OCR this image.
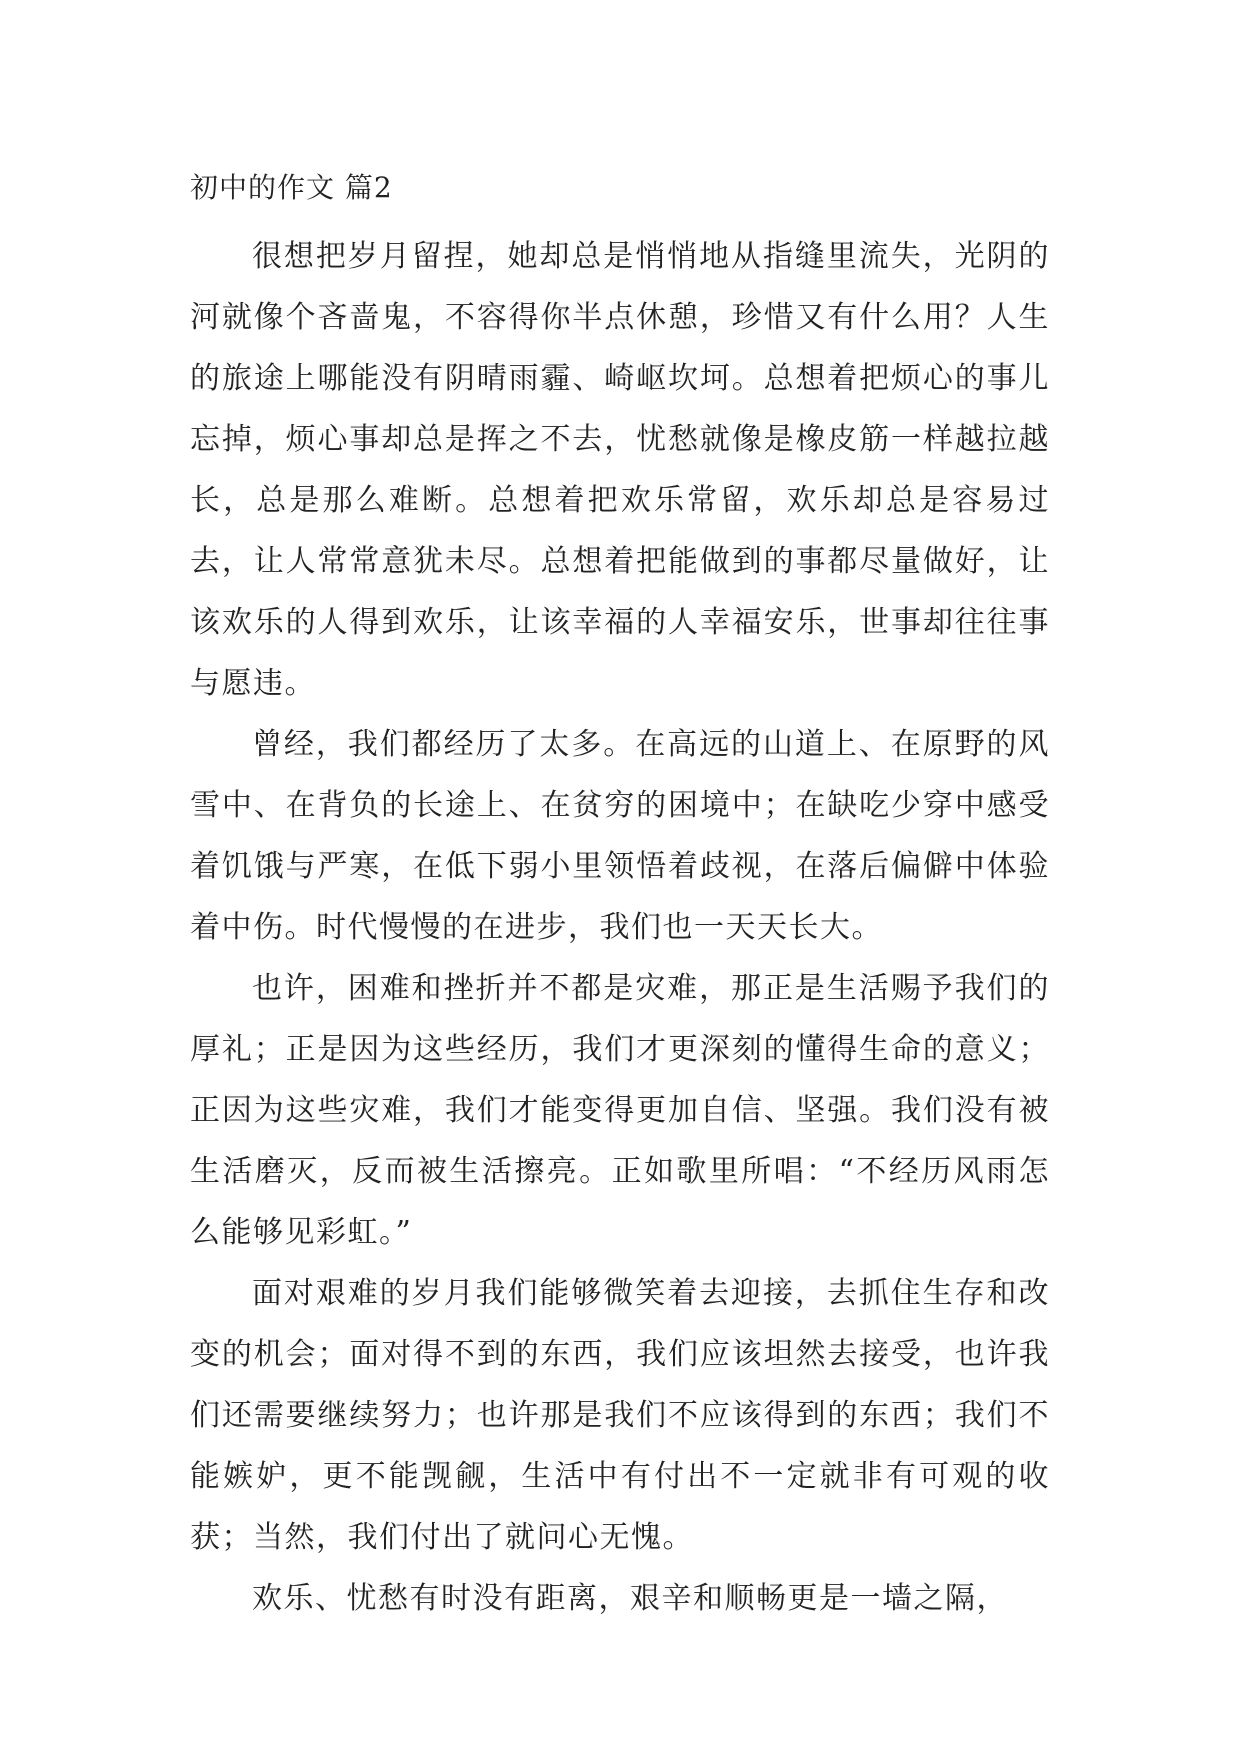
初中的作文 篇2

很想把岁月留捏，她却总是悄悄地从指缝里流失，光阴的河就像个吝啬鬼，不容得你半点休憩，珍惜又有什么用？人生的旅途上哪能没有阴晴雨霾、崎岖坎坷。总想着把烦心的事儿忘掉，烦心事却总是挥之不去，忧愁就像是橡皮筋一样越拉越长，总是那么难断。总想着把欢乐常留，欢乐却总是容易过去，让人常常意犹未尽。总想着把能做到的事都尽量做好，让该欢乐的人得到欢乐，让该幸福的人幸福安乐，世事却往往事与愿违。

曾经，我们都经历了太多。在高远的山道上、在原野的风雪中、在背负的长途上、在贫穷的困境中；在缺吃少穿中感受着饥饿与严寒，在低下弱小里领悟着歧视，在落后偏僻中体验着中伤。时代慢慢的在进步，我们也一天天长大。

也许，困难和挫折并不都是灾难，那正是生活赐予我们的厚礼；正是因为这些经历，我们才更深刻的懂得生命的意义；正因为这些灾难，我们才能变得更加自信、坚强。我们没有被生活磨灭，反而被生活擦亮。正如歌里所唱：“不经历风雨怎么能够见彩虹。”

面对艰难的岁月我们能够微笑着去迎接，去抓住生存和改变的机会；面对得不到的东西，我们应该坦然去接受，也许我们还需要继续努力；也许那是我们不应该得到的东西；我们不能嫉妒，更不能觊觎，生活中有付出不一定就非有可观的收获；当然，我们付出了就问心无愧。

欢乐、忧愁有时没有距离，艰辛和顺畅更是一墙之隔，
